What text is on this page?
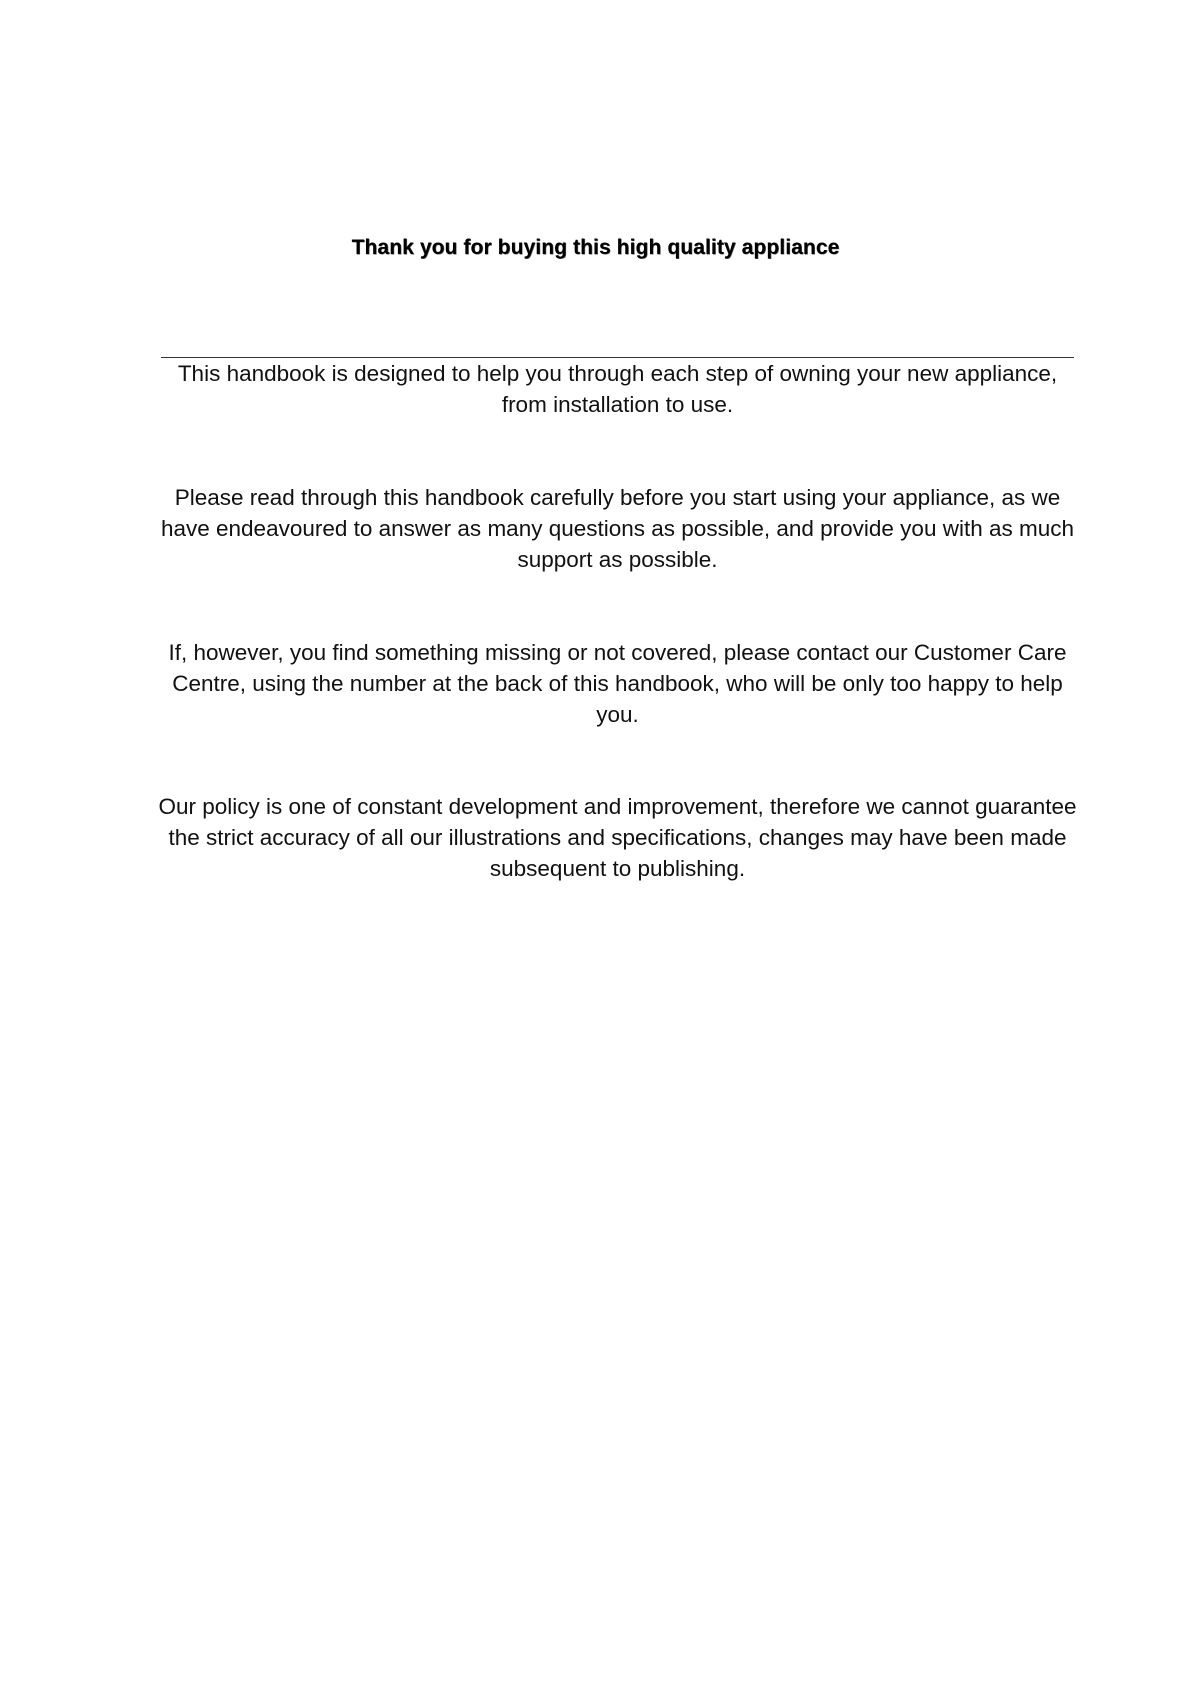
Thank you for buying this high quality appliance

This handbook is designed to help you through each step of owning your new appliance, from installation to use.

Please read through this handbook carefully before you start using your appliance, as we have endeavoured to answer as many questions as possible, and provide you with as much support as possible.

If, however, you find something missing or not covered, please contact our Customer Care Centre, using the number at the back of this handbook, who will be only too happy to help you.

Our policy is one of constant development and improvement, therefore we cannot guarantee the strict accuracy of all our illustrations and specifications, changes may have been made subsequent to publishing.
